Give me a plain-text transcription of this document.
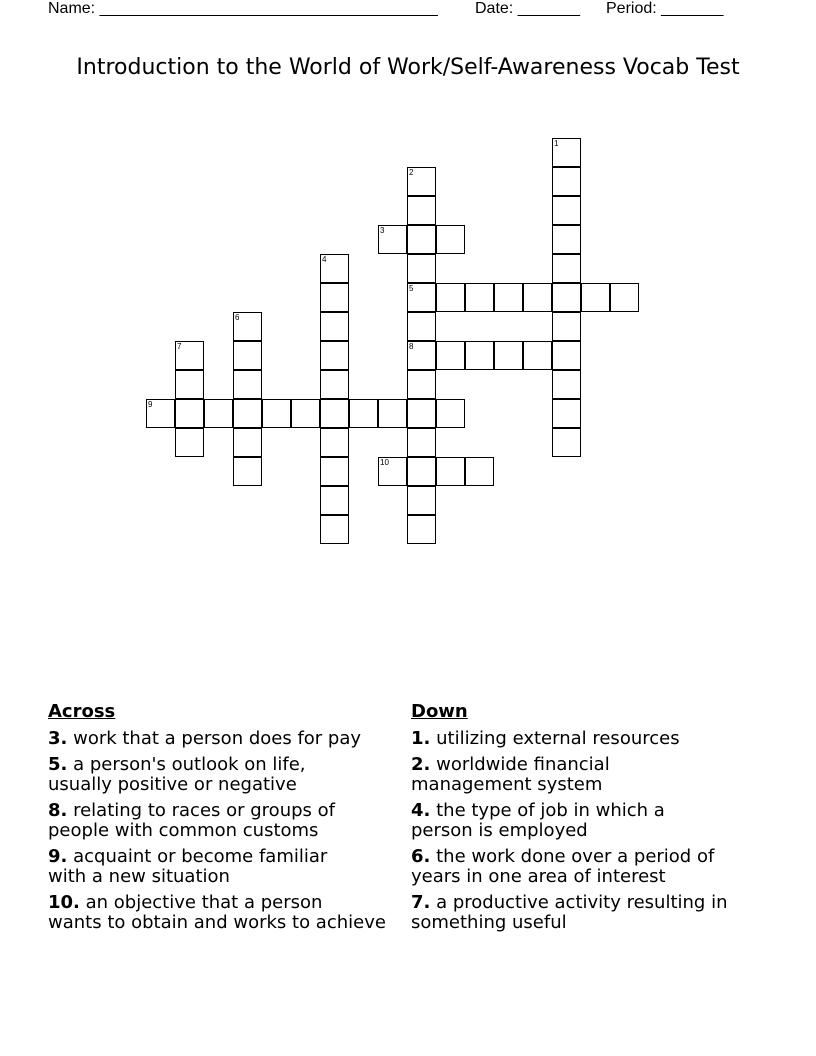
Name: ______________________________________ Date: _______ Period: _______
Introduction to the World of Work/Self-Awareness Vocab Test
1
2
3
4
5
6
7	8
9
10
Across
3. work that a person does for pay
5. a person's outlook on life,
usually positive or negative
8. relating to races or groups of
people with common customs
9. acquaint or become familiar
with a new situation
10. an objective that a person
wants to obtain and works to achieve
Down
1. utilizing external resources
2. worldwide financial
management system
4. the type of job in which a
person is employed
6. the work done over a period of
years in one area of interest
7. a productive activity resulting in
something useful
